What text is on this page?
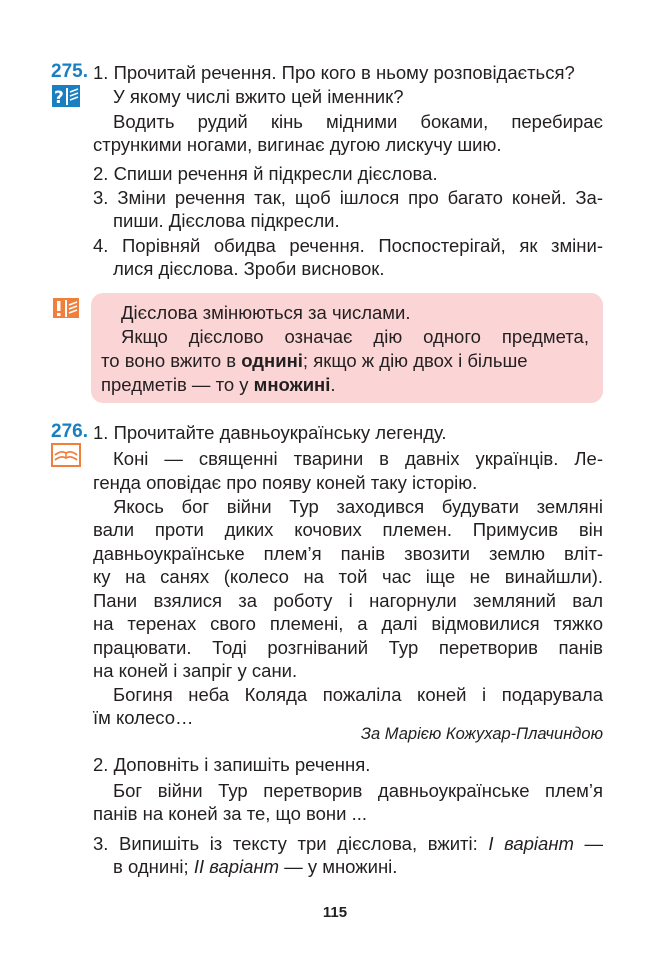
275.
?
1. Прочитай речення. Про кого в ньому розповідається?
У якому числі вжито цей іменник?
Водить рудий кінь мідними боками, перебирає
стрункими ногами, вигинає дугою лискучу шию.
2. Спиши речення й підкресли дієслова.
3. Зміни речення так, щоб ішлося про багато коней. За-
пиши. Дієслова підкресли.
4. Порівняй обидва речення. Поспостерігай, як зміни-
лися дієслова. Зроби висновок.
Дієслова змінюються за числами.
Якщо дієслово означає дію одного предмета,
то воно вжито в однині; якщо ж дію двох і більше
предметів — то у множині.
276. 1. Прочитайте давньоукраїнську легенду.
Коні — священні тварини в давніх українців. Ле-
генда оповідає про появу коней таку історію.
Якось бог війни Тур заходився будувати земляні
вали проти диких кочових племен. Примусив він
давньоукраїнське плем’я панів звозити землю вліт-
ку на санях (колесо на той час іще не винайшли).
Пани взялися за роботу і нагорнули земляний вал
на теренах свого племені, а далі відмовилися тяжко
працювати. Тоді розгніваний Тур перетворив панів
на коней і запріг у сани.
Богиня неба Коляда пожаліла коней і подарувала
їм колесо…
За Марією Кожухар-Плачиндою
2. Доповніть і запишіть речення.
Бог війни Тур перетворив давньоукраїнське плем’я
панів на коней за те, що вони ...
3. Випишіть із тексту три дієслова, вжиті: I варіант —
в однині; II варіант — у множині.
115
